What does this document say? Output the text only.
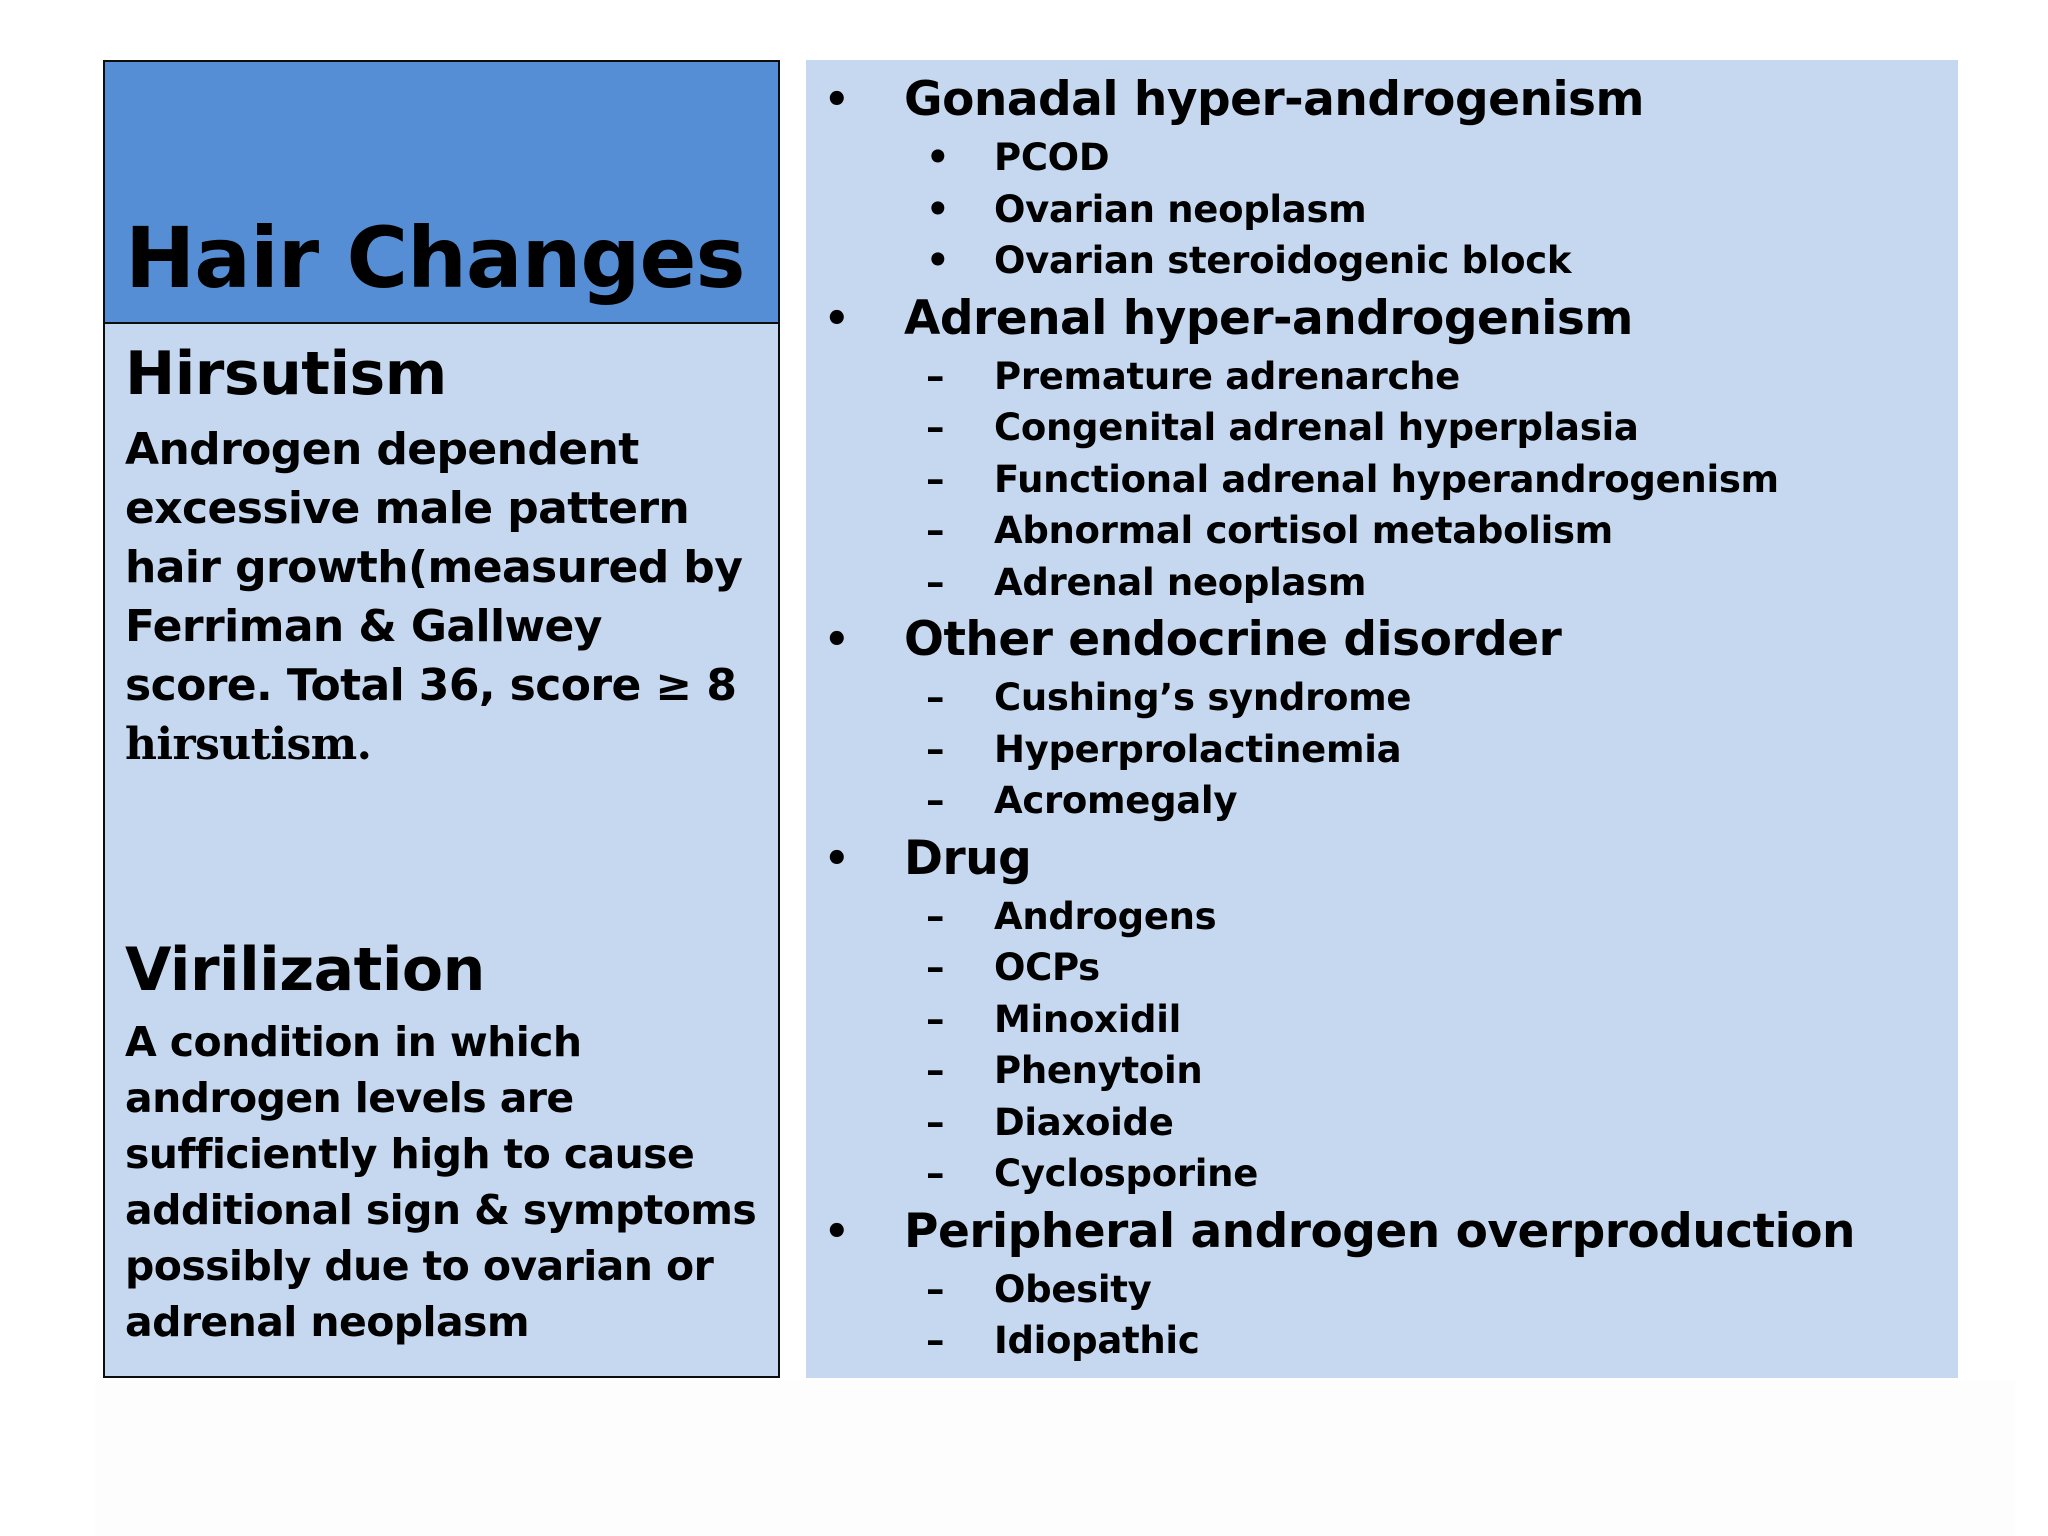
Hair Changes
Hirsutism

Androgen dependent excessive male pattern hair growth(measured by Ferriman & Gallwey score. Total 36, score ≥ 8
hirsutism.

Virilization

A condition in which androgen levels are sufficiently high to cause additional sign & symptoms possibly due to ovarian or adrenal neoplasm

• Gonadal hyper-androgenism
• PCOD
• Ovarian neoplasm
• Ovarian steroidogenic block
• Adrenal hyper-androgenism
– Premature adrenarche
– Congenital adrenal hyperplasia
– Functional adrenal hyperandrogenism
– Abnormal cortisol metabolism
– Adrenal neoplasm
• Other endocrine disorder
– Cushing’s syndrome
– Hyperprolactinemia
– Acromegaly
• Drug
– Androgens
– OCPs
– Minoxidil
– Phenytoin
– Diaxoide
– Cyclosporine
• Peripheral androgen overproduction
– Obesity
– Idiopathic
